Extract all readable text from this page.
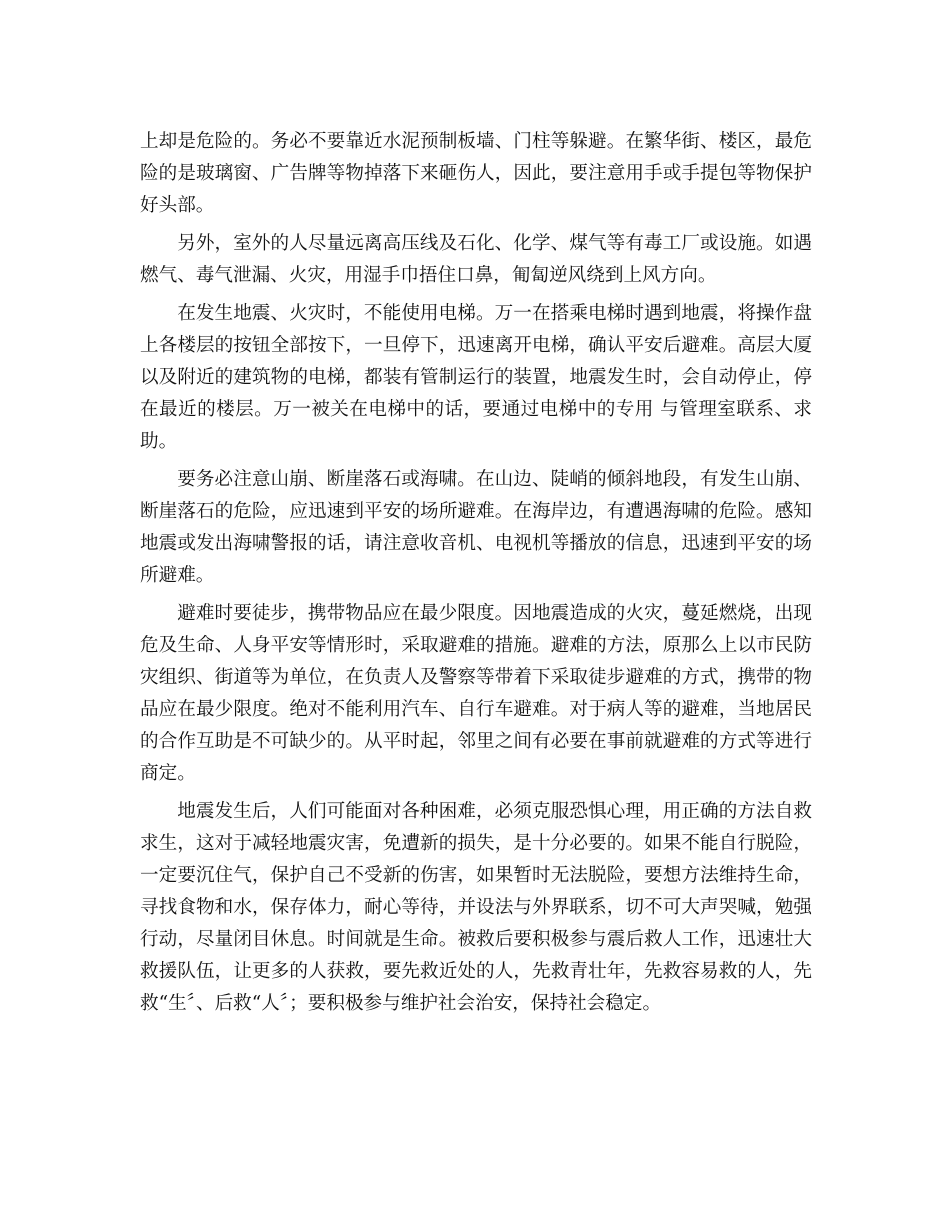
上却是危险的。务必不要靠近水泥预制板墙、门柱等躲避。在繁华街、楼区，最危险的是玻璃窗、广告牌等物掉落下来砸伤人，因此，要注意用手或手提包等物保护好头部。

另外，室外的人尽量远离高压线及石化、化学、煤气等有毒工厂或设施。如遇燃气、毒气泄漏、火灾，用湿手巾捂住口鼻，匍匐逆风绕到上风方向。

在发生地震、火灾时，不能使用电梯。万一在搭乘电梯时遇到地震，将操作盘上各楼层的按钮全部按下，一旦停下，迅速离开电梯，确认平安后避难。高层大厦以及附近的建筑物的电梯，都装有管制运行的装置，地震发生时，会自动停止，停在最近的楼层。万一被关在电梯中的话，要通过电梯中的专用 与管理室联系、求助。

要务必注意山崩、断崖落石或海啸。在山边、陡峭的倾斜地段，有发生山崩、断崖落石的危险，应迅速到平安的场所避难。在海岸边，有遭遇海啸的危险。感知地震或发出海啸警报的话，请注意收音机、电视机等播放的信息，迅速到平安的场所避难。

避难时要徒步，携带物品应在最少限度。因地震造成的火灾，蔓延燃烧，出现危及生命、人身平安等情形时，采取避难的措施。避难的方法，原那么上以市民防灾组织、街道等为单位，在负责人及警察等带着下采取徒步避难的方式，携带的物品应在最少限度。绝对不能利用汽车、自行车避难。对于病人等的避难，当地居民的合作互助是不可缺少的。从平时起，邻里之间有必要在事前就避难的方式等进行商定。

地震发生后，人们可能面对各种困难，必须克服恐惧心理，用正确的方法自救求生，这对于减轻地震灾害，免遭新的损失，是十分必要的。如果不能自行脱险，一定要沉住气，保护自己不受新的伤害，如果暂时无法脱险，要想方法维持生命，寻找食物和水，保存体力，耐心等待，并设法与外界联系，切不可大声哭喊，勉强行动，尽量闭目休息。时间就是生命。被救后要积极参与震后救人工作，迅速壮大救援队伍，让更多的人获救，要先救近处的人，先救青壮年，先救容易救的人，先救“生〞、后救“人〞；要积极参与维护社会治安，保持社会稳定。
